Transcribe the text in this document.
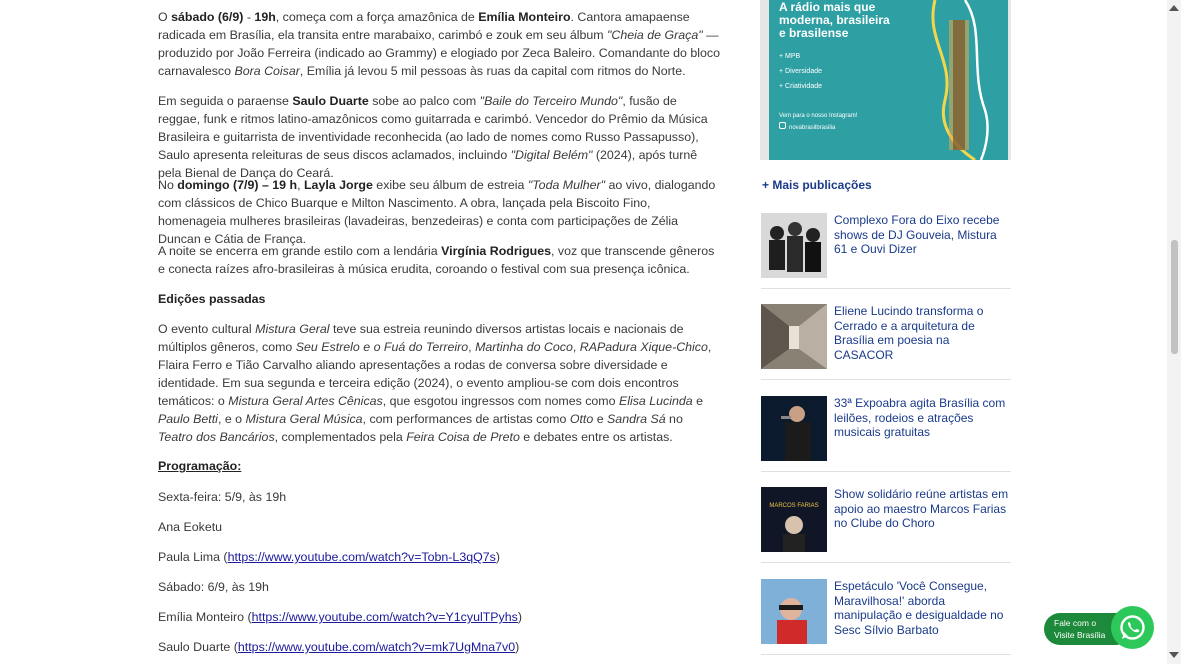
O sábado (6/9) - 19h, começa com a força amazônica de Emília Monteiro. Cantora amapaense radicada em Brasília, ela transita entre marabaixo, carimbó e zouk em seu álbum "Cheia de Graça" — produzido por João Ferreira (indicado ao Grammy) e elogiado por Zeca Baleiro. Comandante do bloco carnavalesco Bora Coisar, Emília já levou 5 mil pessoas às ruas da capital com ritmos do Norte.

Em seguida o paraense Saulo Duarte sobe ao palco com "Baile do Terceiro Mundo", fusão de reggae, funk e ritmos latino-amazônicos como guitarrada e carimbó. Vencedor do Prêmio da Música Brasileira e guitarrista de inventividade reconhecida (ao lado de nomes como Russo Passapusso), Saulo apresenta releituras de seus discos aclamados, incluindo "Digital Belém" (2024), após turnê pela Bienal de Dança do Ceará.

No domingo (7/9) – 19 h, Layla Jorge exibe seu álbum de estreia "Toda Mulher" ao vivo, dialogando com clássicos de Chico Buarque e Milton Nascimento. A obra, lançada pela Biscoito Fino, homenageia mulheres brasileiras (lavadeiras, benzedeiras) e conta com participações de Zélia Duncan e Cátia de França.

A noite se encerra em grande estilo com a lendária Virgínia Rodrigues, voz que transcende gêneros e conecta raízes afro-brasileiras à música erudita, coroando o festival com sua presença icônica.

Edições passadas

O evento cultural Mistura Geral teve sua estreia reunindo diversos artistas locais e nacionais de múltiplos gêneros, como Seu Estrelo e o Fuá do Terreiro, Martinha do Coco, RAPadura Xique-Chico, Flaira Ferro e Tião Carvalho aliando apresentações a rodas de conversa sobre diversidade e identidade. Em sua segunda e terceira edição (2024), o evento ampliou-se com dois encontros temáticos: o Mistura Geral Artes Cênicas, que esgotou ingressos com nomes como Elisa Lucinda e Paulo Betti, e o Mistura Geral Música, com performances de artistas como Otto e Sandra Sá no Teatro dos Bancários, complementados pela Feira Coisa de Preto e debates entre os artistas.

Programação:

Sexta-feira: 5/9, às 19h

Ana Eoketu

Paula Lima (https://www.youtube.com/watch?v=Tobn-L3qQ7s)

Sábado: 6/9, às 19h

Emília Monteiro (https://www.youtube.com/watch?v=Y1cyulTPyhs)

Saulo Duarte (https://www.youtube.com/watch?v=mk7UgMna7v0)

A rádio mais que
moderna, brasileira
e brasilense
+ MPB
+ Diversidade
+ Criatividade
Vem para o nosso Instagram!
novabrasilbrasilia
+ Mais publicações
Complexo Fora do Eixo recebe shows de DJ Gouveia, Mistura 61 e Ouvi Dizer
Eliene Lucindo transforma o Cerrado e a arquitetura de Brasília em poesia na CASACOR
33ª Expoabra agita Brasília com leilões, rodeios e atrações musicais gratuitas
MARCOS FARIAS
Show solidário reúne artistas em apoio ao maestro Marcos Farias no Clube do Choro
Espetáculo 'Você Consegue, Maravilhosa!' aborda manipulação e desigualdade no Sesc Sílvio Barbato	Fale com o
Visite Brasília
